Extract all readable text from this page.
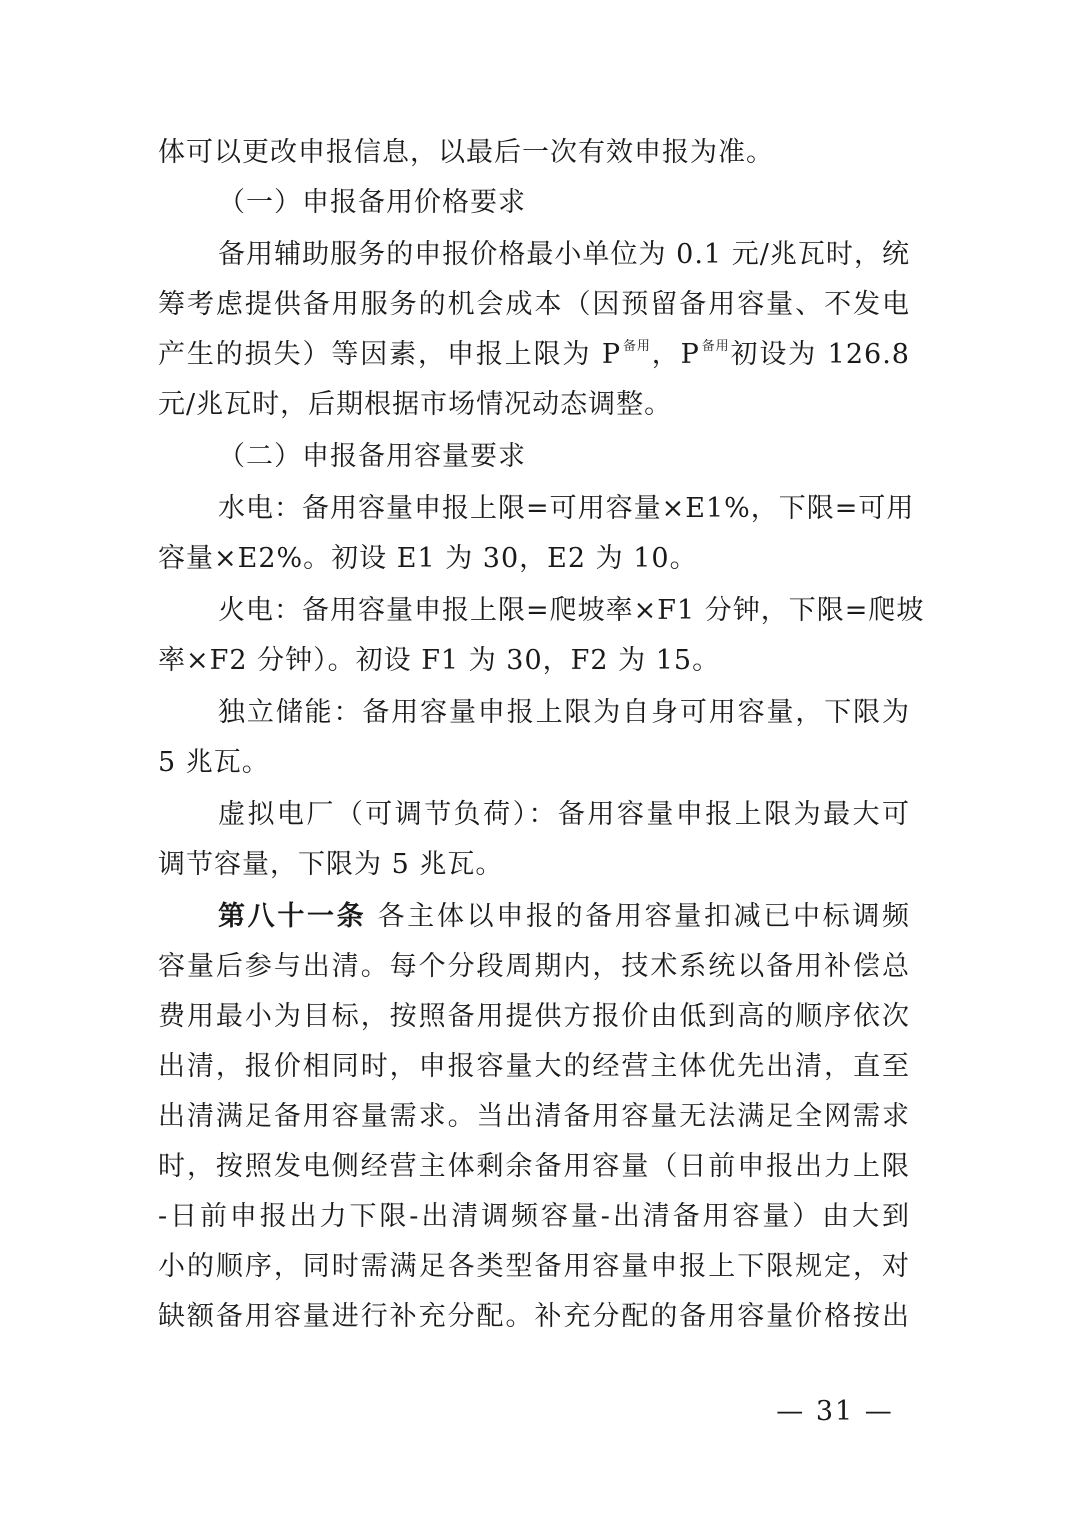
体可以更改申报信息，以最后一次有效申报为准。
（一）申报备用价格要求
备用辅助服务的申报价格最小单位为 0.1 元/兆瓦时，统
筹考虑提供备用服务的机会成本（因预留备用容量、不发电
产生的损失）等因素，申报上限为 $P^{备用}$，$P^{备用}$初设为 126.8
元/兆瓦时，后期根据市场情况动态调整。
（二）申报备用容量要求
水电：备用容量申报上限=可用容量×E1%，下限=可用
容量×E2%。初设 E1 为 30，E2 为 10。
火电：备用容量申报上限=爬坡率×F1 分钟，下限=爬坡
率×F2 分钟）。初设 F1 为 30，F2 为 15。
独立储能：备用容量申报上限为自身可用容量，下限为
5 兆瓦。
虚拟电厂（可调节负荷）：备用容量申报上限为最大可
调节容量，下限为 5 兆瓦。
第八十一条 各主体以申报的备用容量扣减已中标调频
容量后参与出清。每个分段周期内，技术系统以备用补偿总
费用最小为目标，按照备用提供方报价由低到高的顺序依次
出清，报价相同时，申报容量大的经营主体优先出清，直至
出清满足备用容量需求。当出清备用容量无法满足全网需求
时，按照发电侧经营主体剩余备用容量（日前申报出力上限
-日前申报出力下限-出清调频容量-出清备用容量）由大到
小的顺序，同时需满足各类型备用容量申报上下限规定，对
缺额备用容量进行补充分配。补充分配的备用容量价格按出
— 31 —
